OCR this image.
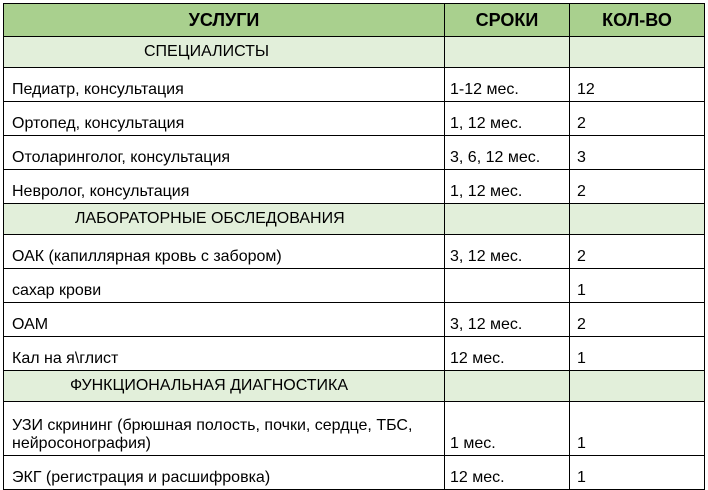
УСЛУГИ	СРОКИ	КОЛ-ВО
СПЕЦИАЛИСТЫ		
Педиатр, консультация	1-12 мес.	12
Ортопед, консультация	1, 12 мес.	2
Отоларинголог, консультация	3, 6, 12 мес.	3
Невролог, консультация	1, 12 мес.	2
ЛАБОРАТОРНЫЕ ОБСЛЕДОВАНИЯ		
ОАК (капиллярная кровь с забором)	3, 12 мес.	2
сахар крови		1
ОАМ	3, 12 мес.	2
Кал на я\глист	12 мес.	1
ФУНКЦИОНАЛЬНАЯ ДИАГНОСТИКА		
УЗИ скрининг (брюшная полость, почки, сердце, ТБС, нейросонография)	1 мес.	1
ЭКГ (регистрация и расшифровка)	12 мес.	1
